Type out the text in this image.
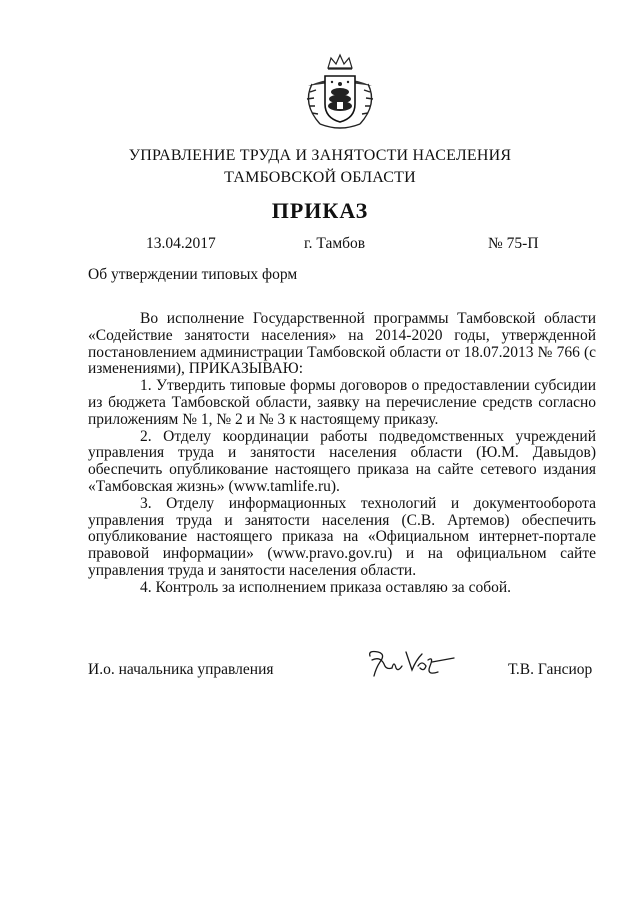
УПРАВЛЕНИЕ ТРУДА И ЗАНЯТОСТИ НАСЕЛЕНИЯ
ТАМБОВСКОЙ ОБЛАСТИ
ПРИКАЗ
13.04.2017	г. Тамбов	№ 75-П
Об утверждении типовых форм

Во исполнение Государственной программы Тамбовской области «Содействие занятости населения» на 2014-2020 годы, утвержденной постановлением администрации Тамбовской области от 18.07.2013 № 766 (с изменениями), ПРИКАЗЫВАЮ:

1. Утвердить типовые формы договоров о предоставлении субсидии из бюджета Тамбовской области, заявку на перечисление средств согласно приложениям № 1, № 2 и № 3 к настоящему приказу.

2. Отделу координации работы подведомственных учреждений управления труда и занятости населения области (Ю.М. Давыдов) обеспечить опубликование настоящего приказа на сайте сетевого издания «Тамбовская жизнь» (www.tamlife.ru).

3. Отделу информационных технологий и документооборота управления труда и занятости населения (С.В. Артемов) обеспечить опубликование настоящего приказа на «Официальном интернет-портале правовой информации» (www.pravo.gov.ru) и на официальном сайте управления труда и занятости населения области.

4. Контроль за исполнением приказа оставляю за собой.

И.о. начальника управления	Т.В. Гансиор
